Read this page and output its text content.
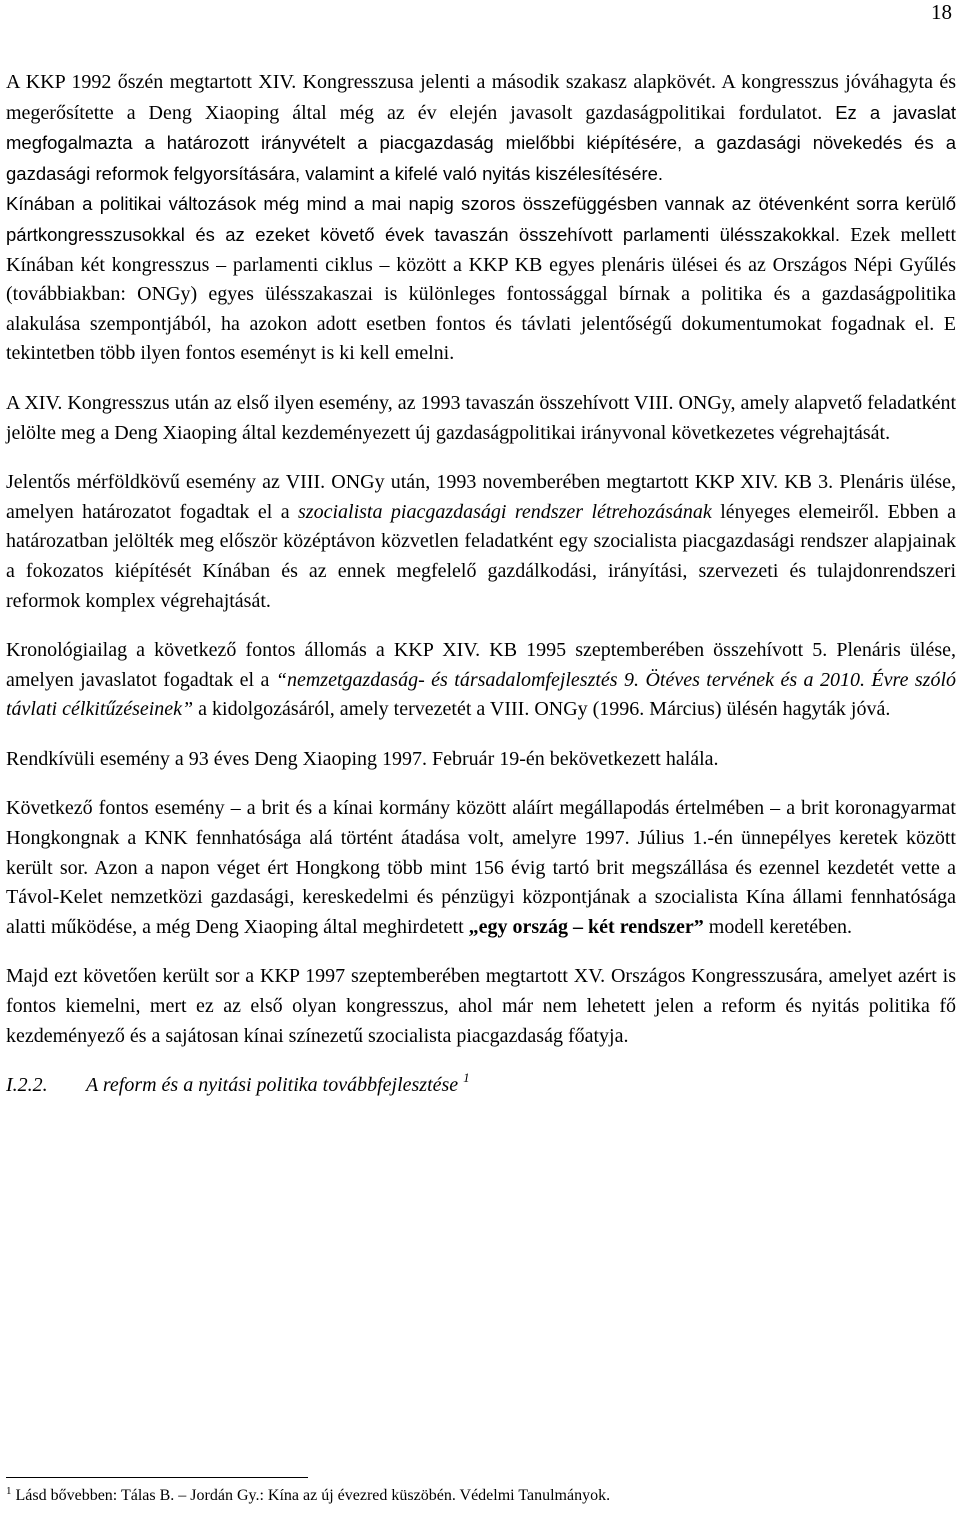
18

A KKP 1992 őszén megtartott XIV. Kongresszusa jelenti a második szakasz alapkövét. A kongresszus jóváhagyta és megerősítette a Deng Xiaoping által még az év elején javasolt gazdaságpolitikai fordulatot. Ez a javaslat megfogalmazta a határozott irányvételt a piacgazdaság mielőbbi kiépítésére, a gazdasági növekedés és a gazdasági reformok felgyorsítására, valamint a kifelé való nyitás kiszélesítésére.
Kínában a politikai változások még mind a mai napig szoros összefüggésben vannak az ötévenként sorra kerülő pártkongresszusokkal és az ezeket követő évek tavaszán összehívott parlamenti ülésszakokkal. Ezek mellett Kínában két kongresszus – parlamenti ciklus – között a KKP KB egyes plenáris ülései és az Országos Népi Gyűlés (továbbiakban: ONGy) egyes ülésszakaszai is különleges fontossággal bírnak a politika és a gazdaságpolitika alakulása szempontjából, ha azokon adott esetben fontos és távlati jelentőségű dokumentumokat fogadnak el. E tekintetben több ilyen fontos eseményt is ki kell emelni.

A XIV. Kongresszus után az első ilyen esemény, az 1993 tavaszán összehívott VIII. ONGy, amely alapvető feladatként jelölte meg a Deng Xiaoping által kezdeményezett új gazdaságpolitikai irányvonal következetes végrehajtását.

Jelentős mérföldkövű esemény az VIII. ONGy után, 1993 novemberében megtartott KKP XIV. KB 3. Plenáris ülése, amelyen határozatot fogadtak el a szocialista piacgazdasági rendszer létrehozásának lényeges elemeiről. Ebben a határozatban jelölték meg először középtávon közvetlen feladatként egy szocialista piacgazdasági rendszer alapjainak a fokozatos kiépítését Kínában és az ennek megfelelő gazdálkodási, irányítási, szervezeti és tulajdonrendszeri reformok komplex végrehajtását.

Kronológiailag a következő fontos állomás a KKP XIV. KB 1995 szeptemberében összehívott 5. Plenáris ülése, amelyen javaslatot fogadtak el a “nemzetgazdaság- és társadalomfejlesztés 9. Ötéves tervének és a 2010. Évre szóló távlati célkitűzéseinek” a kidolgozásáról, amely tervezetét a VIII. ONGy (1996. Március) ülésén hagyták jóvá.

Rendkívüli esemény a 93 éves Deng Xiaoping 1997. Február 19-én bekövetkezett halála.

Következő fontos esemény – a brit és a kínai kormány között aláírt megállapodás értelmében – a brit koronagyarmat Hongkongnak a KNK fennhatósága alá történt átadása volt, amelyre 1997. Július 1.-én ünnepélyes keretek között került sor. Azon a napon véget ért Hongkong több mint 156 évig tartó brit megszállása és ezennel kezdetét vette a Távol-Kelet nemzetközi gazdasági, kereskedelmi és pénzügyi központjának a szocialista Kína állami fennhatósága alatti működése, a még Deng Xiaoping által meghirdetett „egy ország – két rendszer” modell keretében.

Majd ezt követően került sor a KKP 1997 szeptemberében megtartott XV. Országos Kongresszusára, amelyet azért is fontos kiemelni, mert ez az első olyan kongresszus, ahol már nem lehetett jelen a reform és nyitás politika fő kezdeményező és a sajátosan kínai színezetű szocialista piacgazdaság főatyja.

I.2.2. A reform és a nyitási politika továbbfejlesztése $^1$

$^1$ Lásd bővebben: Tálas B. – Jordán Gy.: Kína az új évezred küszöbén. Védelmi Tanulmányok.
